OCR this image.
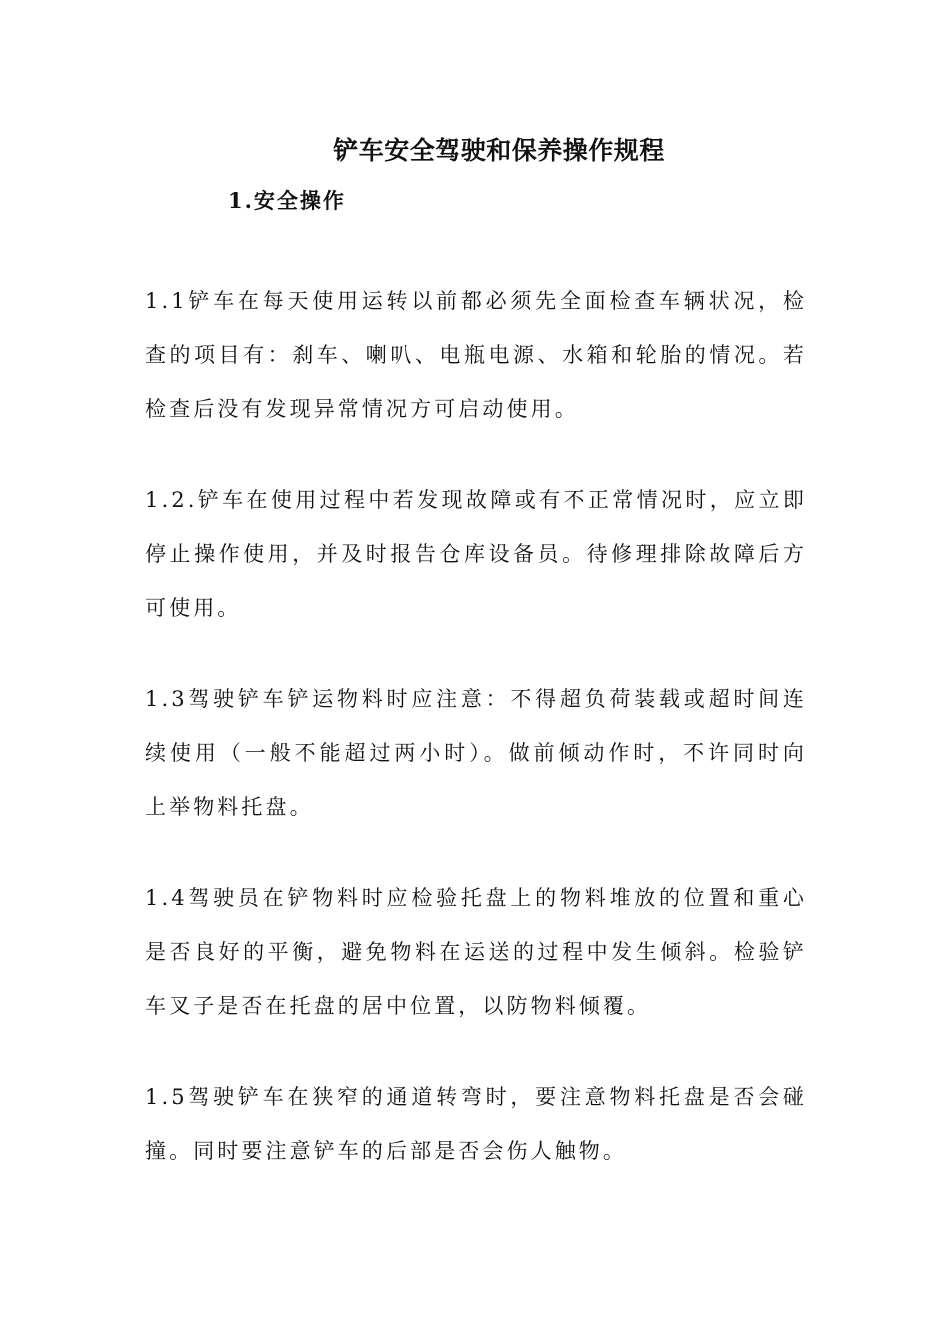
铲车安全驾驶和保养操作规程
1.安全操作

1.1铲车在每天使用运转以前都必须先全面检查车辆状况，检查的项目有：刹车、喇叭、电瓶电源、水箱和轮胎的情况。若检查后没有发现异常情况方可启动使用。

1.2.铲车在使用过程中若发现故障或有不正常情况时，应立即停止操作使用，并及时报告仓库设备员。待修理排除故障后方可使用。

1.3驾驶铲车铲运物料时应注意：不得超负荷装载或超时间连续使用（一般不能超过两小时）。做前倾动作时，不许同时向上举物料托盘。

1.4驾驶员在铲物料时应检验托盘上的物料堆放的位置和重心是否良好的平衡，避免物料在运送的过程中发生倾斜。检验铲车叉子是否在托盘的居中位置，以防物料倾覆。

1.5驾驶铲车在狭窄的通道转弯时，要注意物料托盘是否会碰撞。同时要注意铲车的后部是否会伤人触物。
